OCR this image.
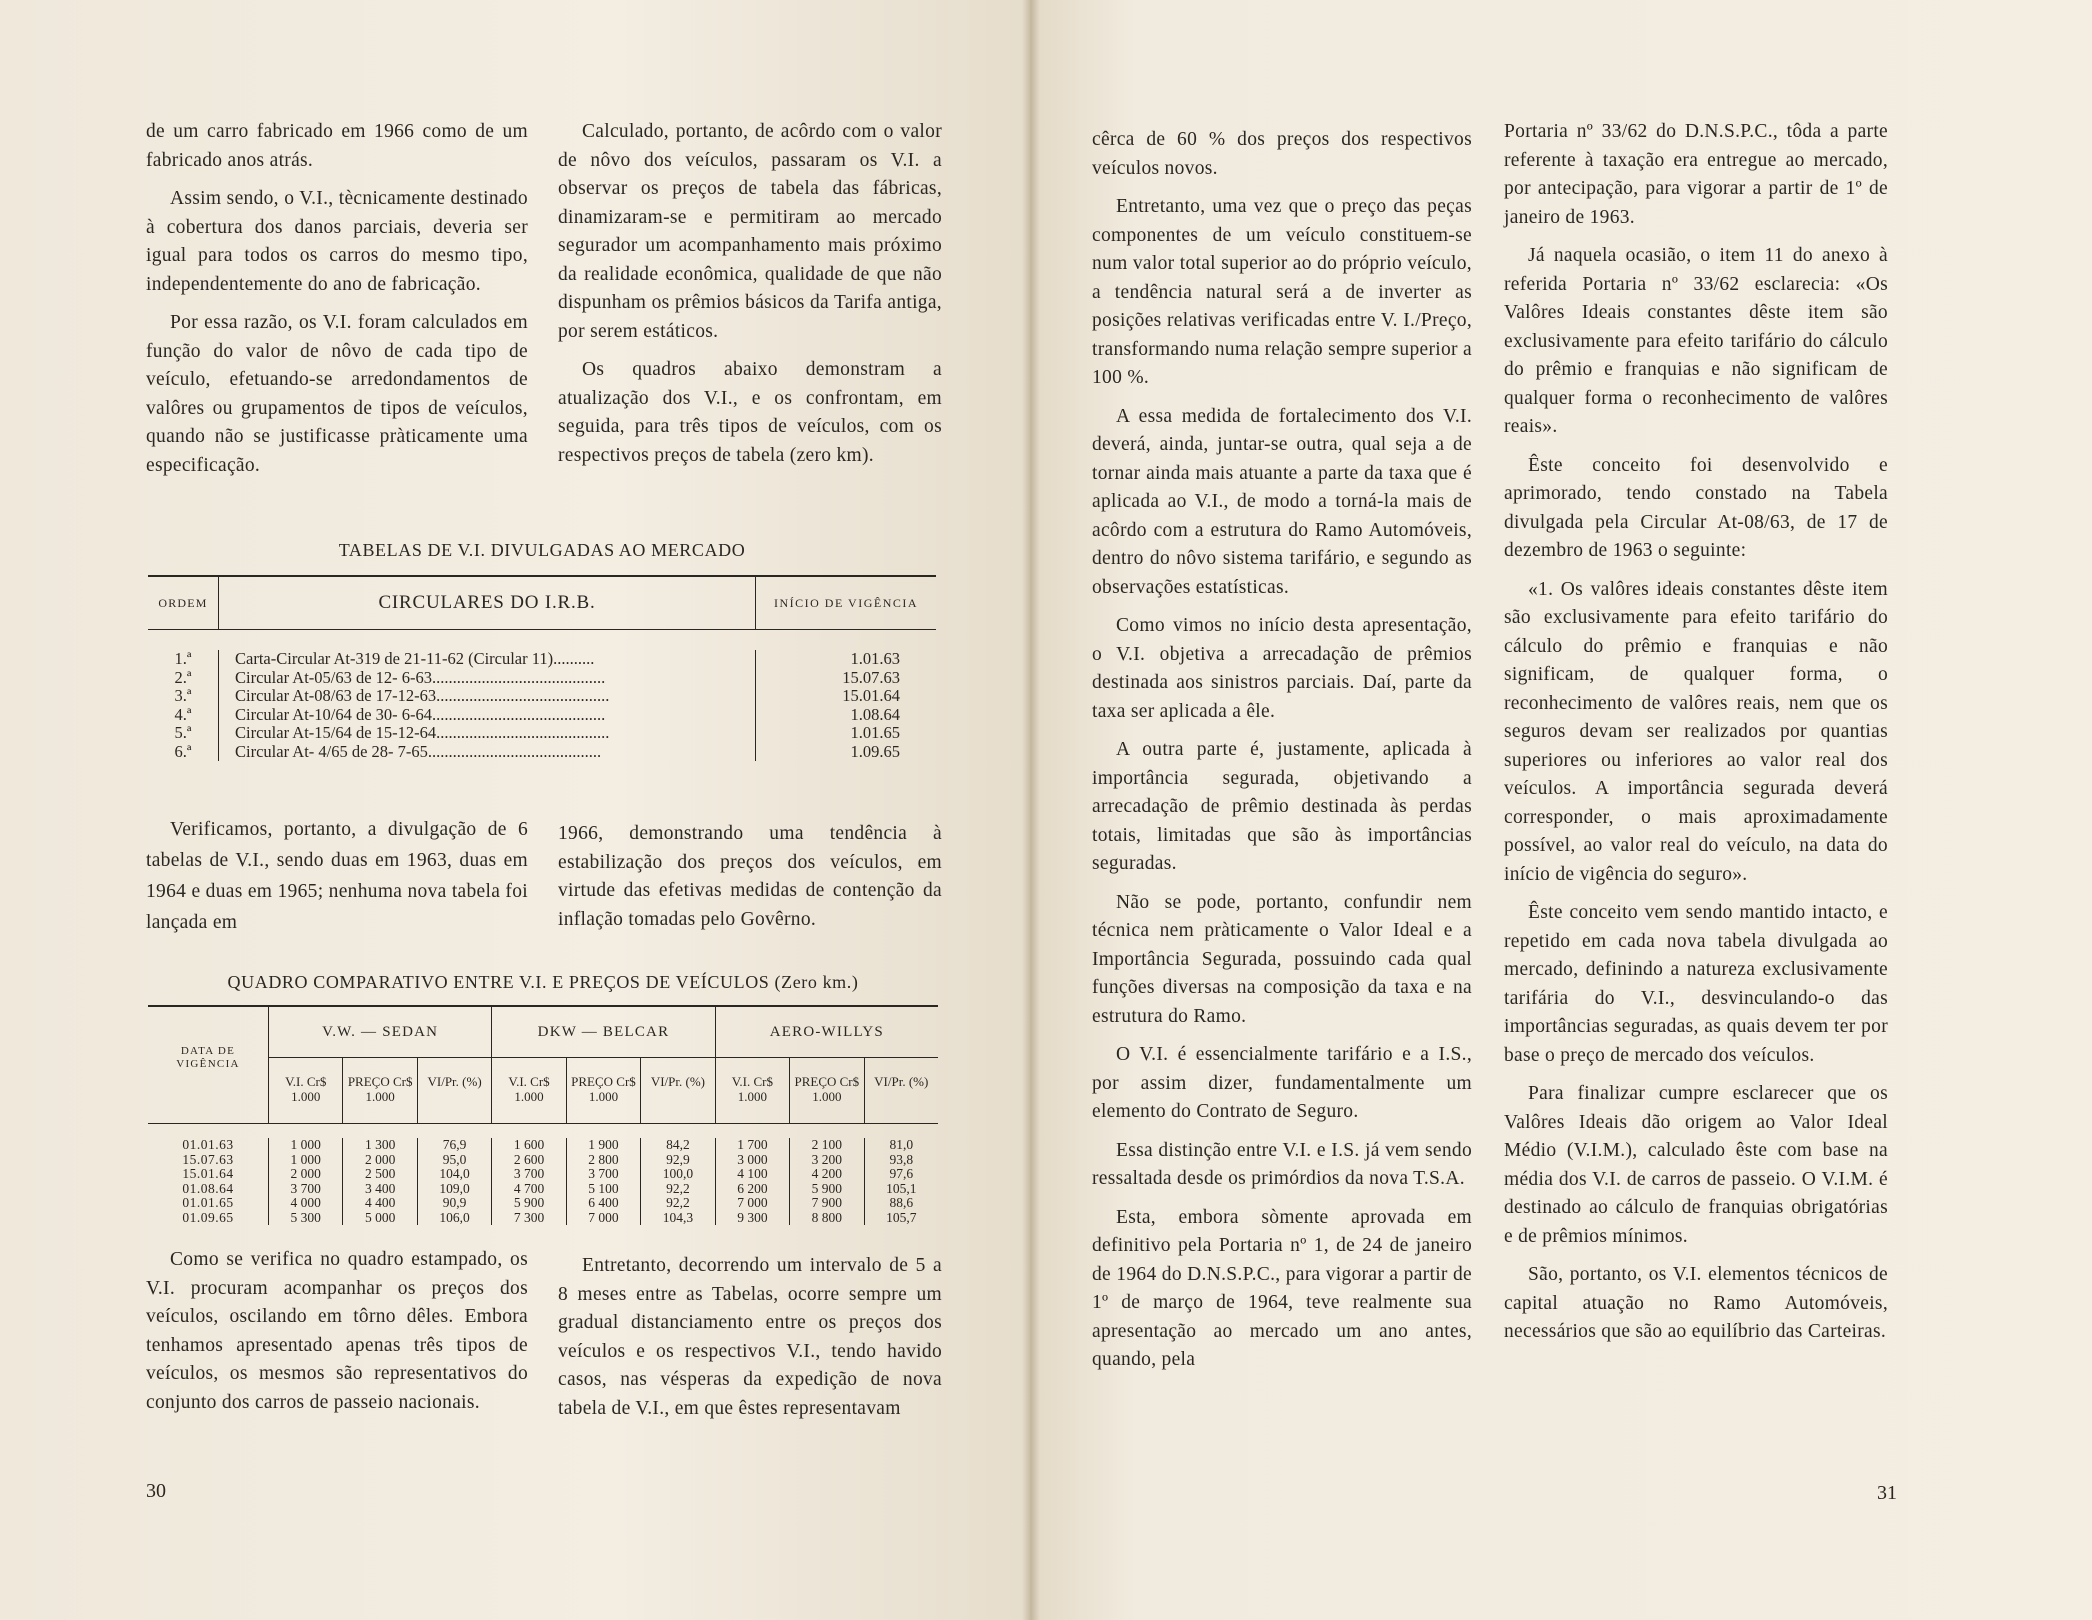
de um carro fabricado em 1966 como de um fabricado anos atrás.

Assim sendo, o V.I., tècnicamente destinado à cobertura dos danos parciais, deveria ser igual para todos os carros do mesmo tipo, independentemente do ano de fabricação.

Por essa razão, os V.I. foram calculados em função do valor de nôvo de cada tipo de veículo, efetuando-se arredondamentos de valôres ou grupamentos de tipos de veículos, quando não se justificasse pràticamente uma especificação.

Calculado, portanto, de acôrdo com o valor de nôvo dos veículos, passaram os V.I. a observar os preços de tabela das fábricas, dinamizaram-se e permitiram ao mercado segurador um acompanhamento mais próximo da realidade econômica, qualidade de que não dispunham os prêmios básicos da Tarifa antiga, por serem estáticos.

Os quadros abaixo demonstram a atualização dos V.I., e os confrontam, em seguida, para três tipos de veículos, com os respectivos preços de tabela (zero km).

TABELAS DE V.I. DIVULGADAS AO MERCADO
ORDEM	CIRCULARES DO I.R.B.	INÍCIO DE VIGÊNCIA
1.ª
2.ª
3.ª
4.ª
5.ª
6.ª
Carta-Circular At-319 de 21-11-62 (Circular 11)..........
Circular At-05/63 de 12- 6-63..........................................
Circular At-08/63 de 17-12-63..........................................
Circular At-10/64 de 30- 6-64..........................................
Circular At-15/64 de 15-12-64..........................................
Circular At- 4/65 de 28- 7-65..........................................
1.01.63
15.07.63
15.01.64
1.08.64
1.01.65
1.09.65

Verificamos, portanto, a divulgação de 6 tabelas de V.I., sendo duas em 1963, duas em 1964 e duas em 1965; nenhuma nova tabela foi lançada em

1966, demonstrando uma tendência à estabilização dos preços dos veículos, em virtude das efetivas medidas de contenção da inflação tomadas pelo Govêrno.

QUADRO COMPARATIVO ENTRE V.I. E PREÇOS DE VEÍCULOS (Zero km.)
DATA DE VIGÊNCIA
V.W. — SEDAN
V.I. Cr$ 1.000
PREÇO Cr$ 1.000
VI/Pr. (%)
DKW — BELCAR
V.I. Cr$ 1.000
PREÇO Cr$ 1.000
VI/Pr. (%)
AERO-WILLYS
V.I. Cr$ 1.000
PREÇO Cr$ 1.000
VI/Pr. (%)
01.01.63
15.07.63
15.01.64
01.08.64
01.01.65
01.09.65
1 000
1 000
2 000
3 700
4 000
5 300
1 300
2 000
2 500
3 400
4 400
5 000
76,9
95,0
104,0
109,0
90,9
106,0
1 600
2 600
3 700
4 700
5 900
7 300
1 900
2 800
3 700
5 100
6 400
7 000
84,2
92,9
100,0
92,2
92,2
104,3
1 700
3 000
4 100
6 200
7 000
9 300
2 100
3 200
4 200
5 900
7 900
8 800
81,0
93,8
97,6
105,1
88,6
105,7

Como se verifica no quadro estampado, os V.I. procuram acompanhar os preços dos veículos, oscilando em tôrno dêles. Embora tenhamos apresentado apenas três tipos de veículos, os mesmos são representativos do conjunto dos carros de passeio nacionais.

Entretanto, decorrendo um intervalo de 5 a 8 meses entre as Tabelas, ocorre sempre um gradual distanciamento entre os preços dos veículos e os respectivos V.I., tendo havido casos, nas vésperas da expedição de nova tabela de V.I., em que êstes representavam

30

cêrca de 60 % dos preços dos respectivos veículos novos.

Entretanto, uma vez que o preço das peças componentes de um veículo constituem-se num valor total superior ao do próprio veículo, a tendência natural será a de inverter as posições relativas verificadas entre V. I./Preço, transformando numa relação sempre superior a 100 %.

A essa medida de fortalecimento dos V.I. deverá, ainda, juntar-se outra, qual seja a de tornar ainda mais atuante a parte da taxa que é aplicada ao V.I., de modo a torná-la mais de acôrdo com a estrutura do Ramo Automóveis, dentro do nôvo sistema tarifário, e segundo as observações estatísticas.

Como vimos no início desta apresentação, o V.I. objetiva a arrecadação de prêmios destinada aos sinistros parciais. Daí, parte da taxa ser aplicada a êle.

A outra parte é, justamente, aplicada à importância segurada, objetivando a arrecadação de prêmio destinada às perdas totais, limitadas que são às importâncias seguradas.

Não se pode, portanto, confundir nem técnica nem pràticamente o Valor Ideal e a Importância Segurada, possuindo cada qual funções diversas na composição da taxa e na estrutura do Ramo.

O V.I. é essencialmente tarifário e a I.S., por assim dizer, fundamentalmente um elemento do Contrato de Seguro.

Essa distinção entre V.I. e I.S. já vem sendo ressaltada desde os primórdios da nova T.S.A.

Esta, embora sòmente aprovada em definitivo pela Portaria nº 1, de 24 de janeiro de 1964 do D.N.S.P.C., para vigorar a partir de 1º de março de 1964, teve realmente sua apresentação ao mercado um ano antes, quando, pela

Portaria nº 33/62 do D.N.S.P.C., tôda a parte referente à taxação era entregue ao mercado, por antecipação, para vigorar a partir de 1º de janeiro de 1963.

Já naquela ocasião, o item 11 do anexo à referida Portaria nº 33/62 esclarecia: «Os Valôres Ideais constantes dêste item são exclusivamente para efeito tarifário do cálculo do prêmio e franquias e não significam de qualquer forma o reconhecimento de valôres reais».

Êste conceito foi desenvolvido e aprimorado, tendo constado na Tabela divulgada pela Circular At-08/63, de 17 de dezembro de 1963 o seguinte:

«1. Os valôres ideais constantes dêste item são exclusivamente para efeito tarifário do cálculo do prêmio e franquias e não significam, de qualquer forma, o reconhecimento de valôres reais, nem que os seguros devam ser realizados por quantias superiores ou inferiores ao valor real dos veículos. A importância segurada deverá corresponder, o mais aproximadamente possível, ao valor real do veículo, na data do início de vigência do seguro».

Êste conceito vem sendo mantido intacto, e repetido em cada nova tabela divulgada ao mercado, definindo a natureza exclusivamente tarifária do V.I., desvinculando-o das importâncias seguradas, as quais devem ter por base o preço de mercado dos veículos.

Para finalizar cumpre esclarecer que os Valôres Ideais dão origem ao Valor Ideal Médio (V.I.M.), calculado êste com base na média dos V.I. de carros de passeio. O V.I.M. é destinado ao cálculo de franquias obrigatórias e de prêmios mínimos.

São, portanto, os V.I. elementos técnicos de capital atuação no Ramo Automóveis, necessários que são ao equilíbrio das Carteiras.

31
